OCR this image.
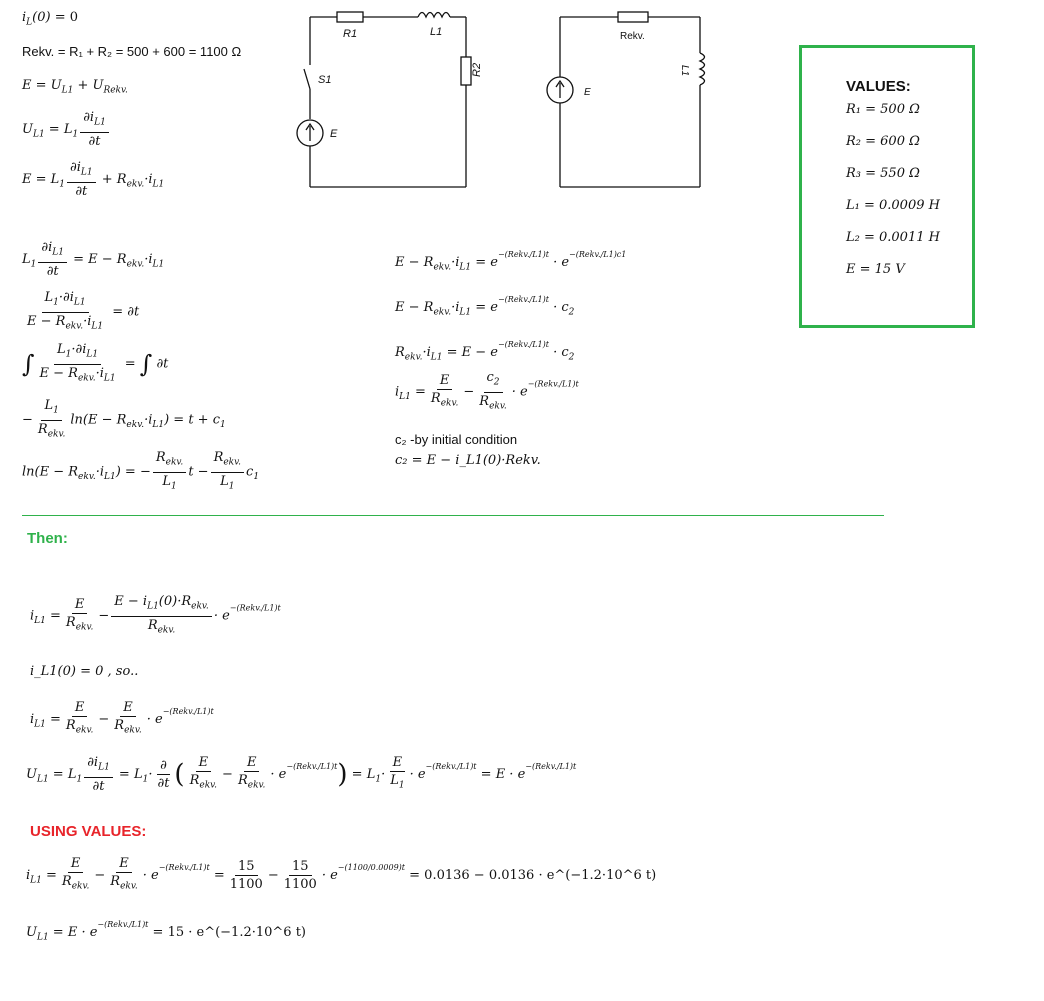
$i_L(0) = 0$
Rekv. = R₁ + R₂ = 500 + 600 = 1100 Ω
$E = U_{L1} + U_{Rekv.}$
$U_{L1} = L_1 \frac{\partial i_{L1}}{\partial t}$
$E = L_1 \frac{\partial i_{L1}}{\partial t} + R_{ekv.}\cdot i_{L1}$
R1	L1
R2
S1
E
Rekv.
E
L1
VALUES:
R₁ = 500 Ω
R₂ = 600 Ω
R₃ = 550 Ω
L₁ = 0.0009 H
L₂ = 0.0011 H
E = 15 V
$L_1 \frac{\partial i_{L1}}{\partial t} = E - R_{ekv.}\cdot i_{L1}$
$\frac{L_1\cdot\partial i_{L1}}{E - R_{ekv.}\cdot i_{L1}} = \partial t$
∫ $\frac{L_1\cdot\partial i_{L1}}{E - R_{ekv.}\cdot i_{L1}}$ = ∫ ∂t
− $\frac{L_1}{R_{ekv.}} \ln(E - R_{ekv.}\cdot i_{L1}) = t + c_1$
$\ln(E - R_{ekv.}\cdot i_{L1})$ = − $\frac{R_{ekv.}}{L_1}$ $t - \frac{R_{ekv.}}{L_1} c_1$
$E - R_{ekv.}\cdot i_{L1} = e^{-(Rekv./L1)t} \cdot e^{-(Rekv./L1)c1}$
$E - R_{ekv.}\cdot i_{L1} = e^{-(Rekv./L1)t} \cdot c_2$
$R_{ekv.}\cdot i_{L1} = E - e^{-(Rekv./L1)t} \cdot c_2$
$i_{L1} = \frac{E}{R_{ekv.}} - \frac{c_2}{R_{ekv.}} \cdot e^{-(Rekv./L1)t}$
c₂ -by initial condition
c₂ = E − i_L1(0)·Rekv.
Then:
$i_{L1} = \frac{E}{R_{ekv.}} - \frac{E - i_{L1}(0)\cdot R_{ekv.}}{R_{ekv.}} \cdot e^{-(Rekv./L1)t}$
i_L1(0) = 0 , so..
$i_{L1} = \frac{E}{R_{ekv.}} - \frac{E}{R_{ekv.}} \cdot e^{-(Rekv./L1)t}$
$U_{L1} = L_1 \frac{\partial i_{L1}}{\partial t} = L_1\cdot \frac{\partial}{\partial t}$ ( $\frac{E}{R_{ekv.}} - \frac{E}{R_{ekv.}} \cdot e^{-(Rekv./L1)t}) = L_1\cdot \frac{E}{L_1} \cdot e^{-(Rekv./L1)t} = E \cdot e^{-(Rekv./L1)t}$
USING VALUES:
$i_{L1} = \frac{E}{R_{ekv.}} - \frac{E}{R_{ekv.}} \cdot e^{-(Rekv./L1)t} = \frac{15}{1100} - \frac{15}{1100} \cdot e^{-(1100/0.0009)t} = 0.0136 - 0.0136$ · e^(−1.2·10^6 t)
$U_{L1} = E \cdot e^{-(Rekv./L1)t} = 15$ · e^(−1.2·10^6 t)
